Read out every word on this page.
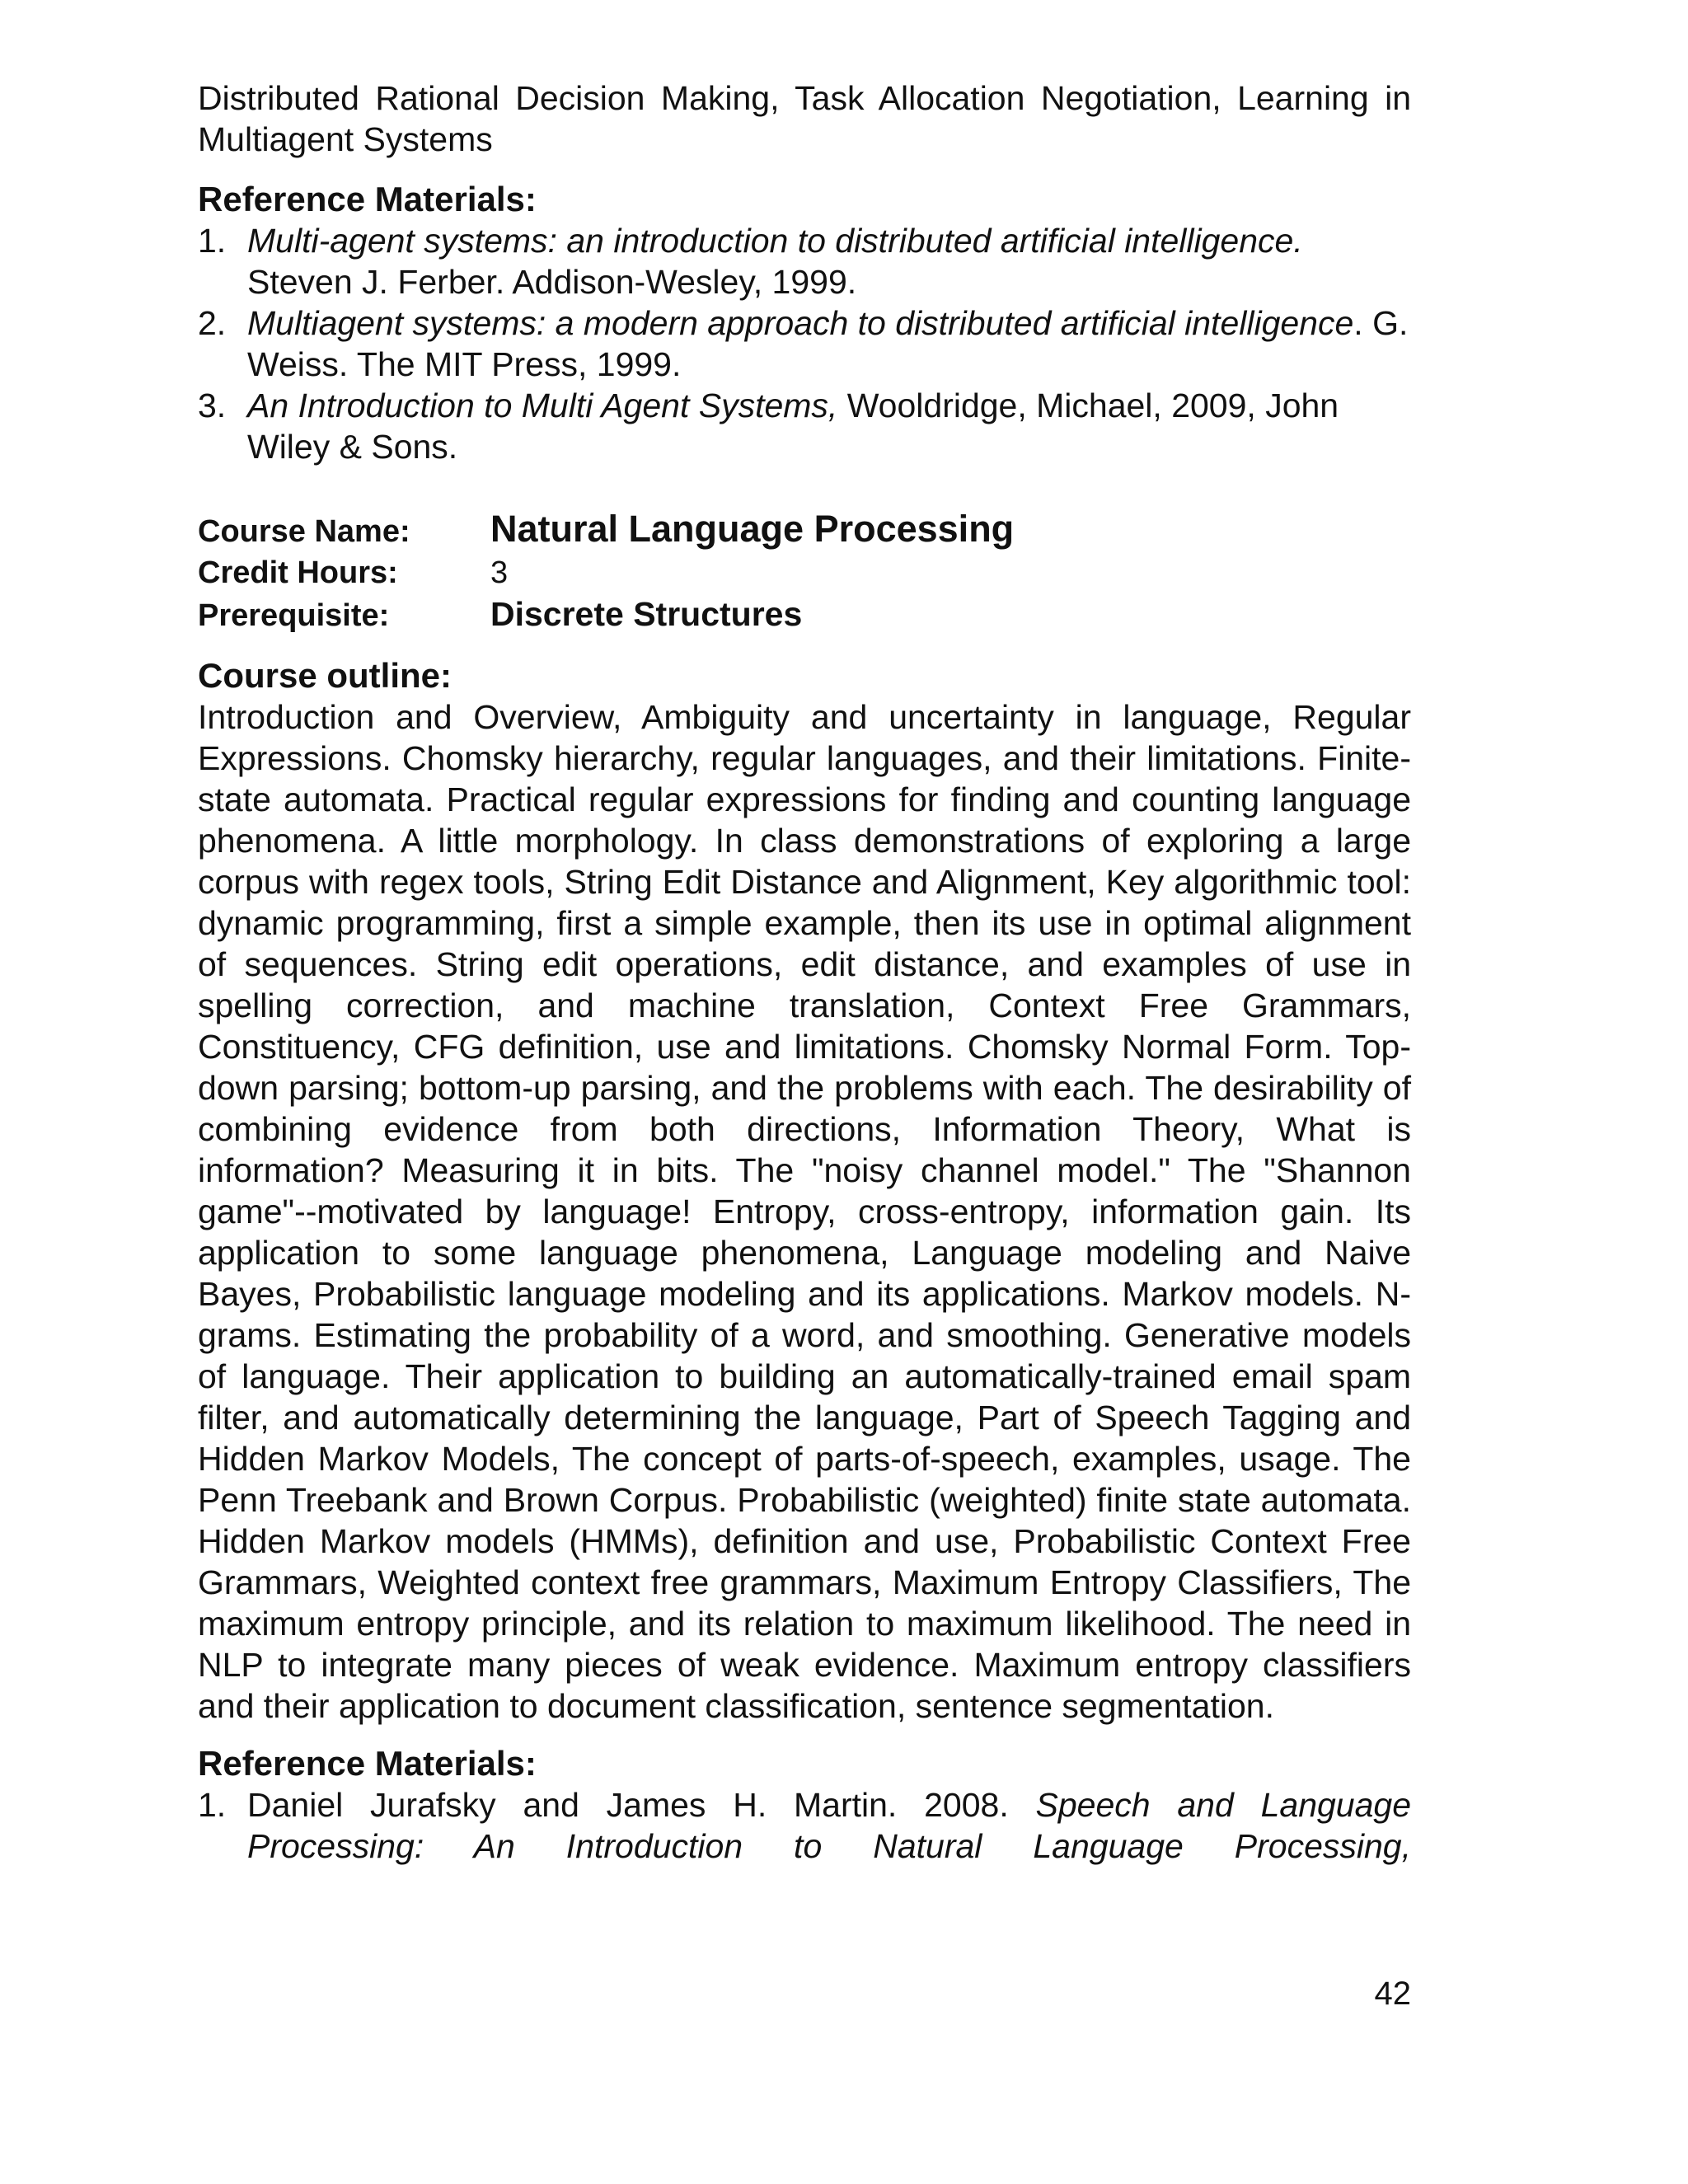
Distributed Rational Decision Making, Task Allocation Negotiation, Learning in Multiagent Systems

Reference Materials:
1. Multi-agent systems: an introduction to distributed artificial intelligence. Steven J. Ferber. Addison-Wesley, 1999.
2. Multiagent systems: a modern approach to distributed artificial intelligence. G. Weiss. The MIT Press, 1999.
3. An Introduction to Multi Agent Systems, Wooldridge, Michael, 2009, John Wiley & Sons.
Course Name:	Natural Language Processing
Credit Hours:	3
Prerequisite:	Discrete Structures
Course outline:

Introduction and Overview, Ambiguity and uncertainty in language, Regular Expressions. Chomsky hierarchy, regular languages, and their limitations. Finite-state automata. Practical regular expressions for finding and counting language phenomena. A little morphology. In class demonstrations of exploring a large corpus with regex tools, String Edit Distance and Alignment, Key algorithmic tool: dynamic programming, first a simple example, then its use in optimal alignment of sequences. String edit operations, edit distance, and examples of use in spelling correction, and machine translation, Context Free Grammars, Constituency, CFG definition, use and limitations. Chomsky Normal Form. Top-down parsing; bottom-up parsing, and the problems with each. The desirability of combining evidence from both directions, Information Theory, What is information? Measuring it in bits. The "noisy channel model." The "Shannon game"--motivated by language! Entropy, cross-entropy, information gain. Its application to some language phenomena, Language modeling and Naive Bayes, Probabilistic language modeling and its applications. Markov models. N-grams. Estimating the probability of a word, and smoothing. Generative models of language. Their application to building an automatically-trained email spam filter, and automatically determining the language, Part of Speech Tagging and Hidden Markov Models, The concept of parts-of-speech, examples, usage. The Penn Treebank and Brown Corpus. Probabilistic (weighted) finite state automata. Hidden Markov models (HMMs), definition and use, Probabilistic Context Free Grammars, Weighted context free grammars, Maximum Entropy Classifiers, The maximum entropy principle, and its relation to maximum likelihood. The need in NLP to integrate many pieces of weak evidence. Maximum entropy classifiers and their application to document classification, sentence segmentation.

Reference Materials:
1. Daniel Jurafsky and James H. Martin. 2008. Speech and Language Processing: An Introduction to Natural Language Processing,
42
